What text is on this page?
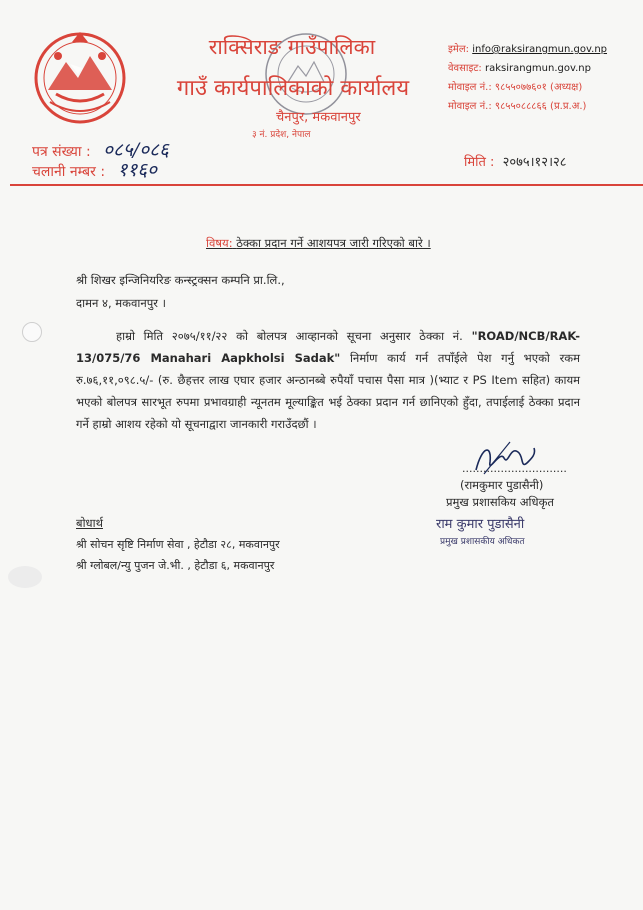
राक्सिराङ गाउँपालिका
गाउँ कार्यपालिकाको कार्यालय
चैनपुर, मकवानपुर
३ नं. प्रदेश, नेपाल
इमेल: info@raksirangmun.gov.np
वेवसाइट: raksirangmun.gov.np
मोवाइल नं.: ९८५५०७७६०१ (अध्यक्ष)
मोवाइल नं.: ९८५५०८८८६६ (प्र.प्र.अ.)
पत्र संख्या : ०८५/०८६
चलानी नम्बर : ११६०	मिति : २०७५।१२।२८
विषय: ठेक्का प्रदान गर्ने आशयपत्र जारी गरिएको बारे ।
श्री शिखर इन्जिनियरिङ कन्स्ट्रक्सन कम्पनि प्रा.लि.,
दामन ४, मकवानपुर ।
हाम्रो मिति २०७५/११/२२ को बोलपत्र आव्हानको सूचना अनुसार ठेक्का नं. "ROAD/NCB/RAK-13/075/76 Manahari Aapkholsi Sadak" निर्माण कार्य गर्न तपाँईले पेश गर्नु भएको रकम रु.७६,११,०९८.५/- (रु. छैहत्तर लाख एघार हजार अन्ठानब्बे रुपैयाँ पचास पैसा मात्र )(भ्याट र PS Item सहित) कायम भएको बोलपत्र सारभूत रुपमा प्रभावग्राही न्यूनतम मूल्याङ्कित भई ठेक्का प्रदान गर्न छानिएको हुँदा, तपाईलाई ठेक्का प्रदान गर्ने हाम्रो आशय रहेको यो सूचनाद्वारा जानकारी गराउँदछौं ।
..............................
(रामकुमार पुडासैनी)
प्रमुख प्रशासकिय अधिकृत
राम कुमार पुडासैनी
प्रमुख प्रशासकीय अधिकत
बोधार्थ
श्री सोचन सृष्टि निर्माण सेवा , हेटौडा २८, मकवानपुर
श्री ग्लोबल/न्यु पुजन जे.भी. , हेटौडा ६, मकवानपुर
